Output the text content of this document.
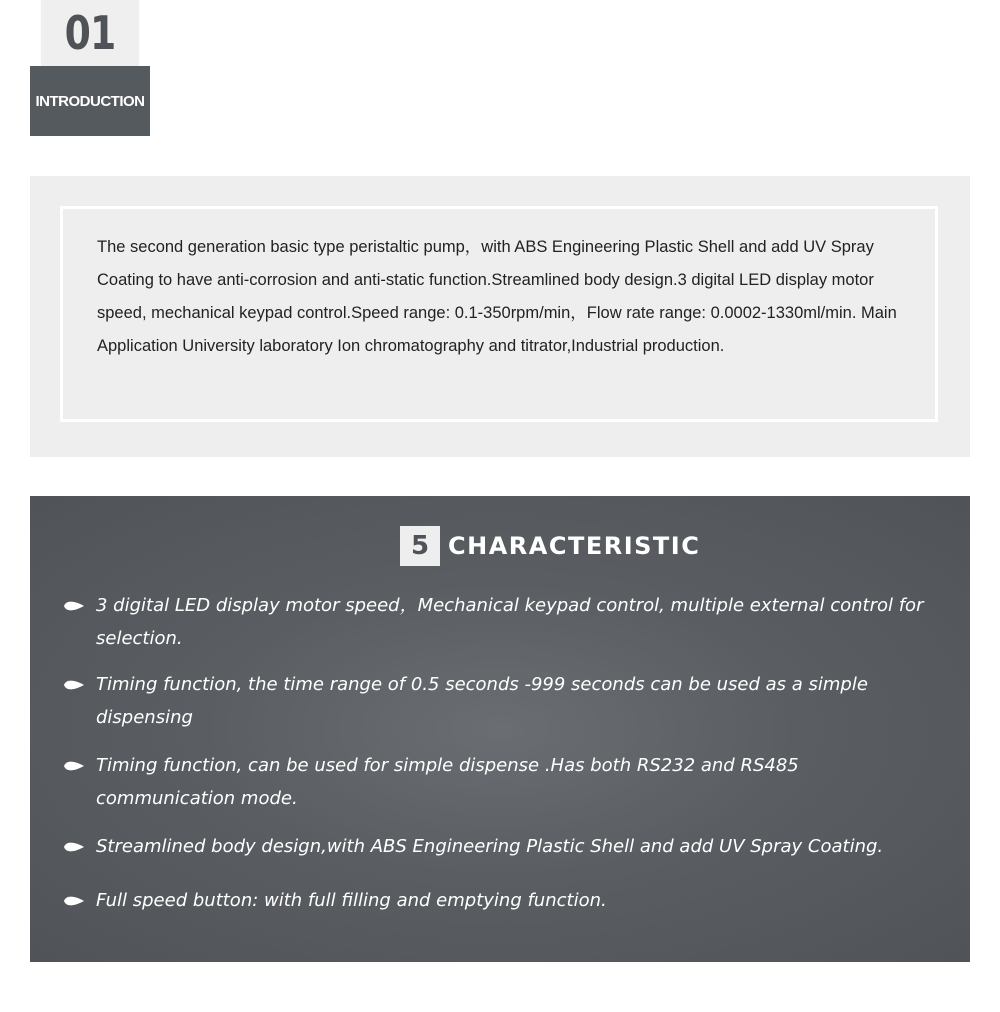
01
INTRODUCTION

The second generation basic type peristaltic pump，with ABS Engineering Plastic Shell and add UV Spray Coating to have anti-corrosion and anti-static function.Streamlined body design.3 digital LED display motor speed, mechanical keypad control.Speed range: 0.1-350rpm/min，Flow rate range: 0.0002-1330ml/min. Main Application University laboratory Ion chromatography and titrator,Industrial production.

5 CHARACTERISTIC
3 digital LED display motor speed，Mechanical keypad control, multiple external control for selection.
Timing function, the time range of 0.5 seconds -999 seconds can be used as a simple dispensing
Timing function, can be used for simple dispense .Has both RS232 and RS485 communication mode.
Streamlined body design,with ABS Engineering Plastic Shell and add UV Spray Coating.
Full speed button: with full filling and emptying function.
